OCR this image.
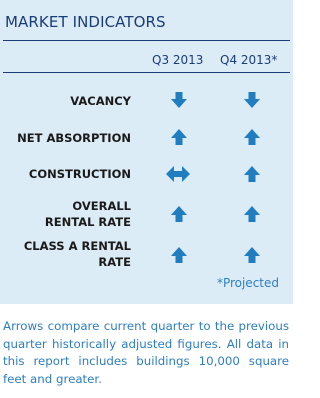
MARKET INDICATORS
Q3 2013 Q4 2013*
VACANCY
NET ABSORPTION
CONSTRUCTION
OVERALL
RENTAL RATE
CLASS A RENTAL
RATE
*Projected
Arrows compare current quarter to the previous quarter historically adjusted figures. All data in this report includes buildings 10,000 square feet and greater.
